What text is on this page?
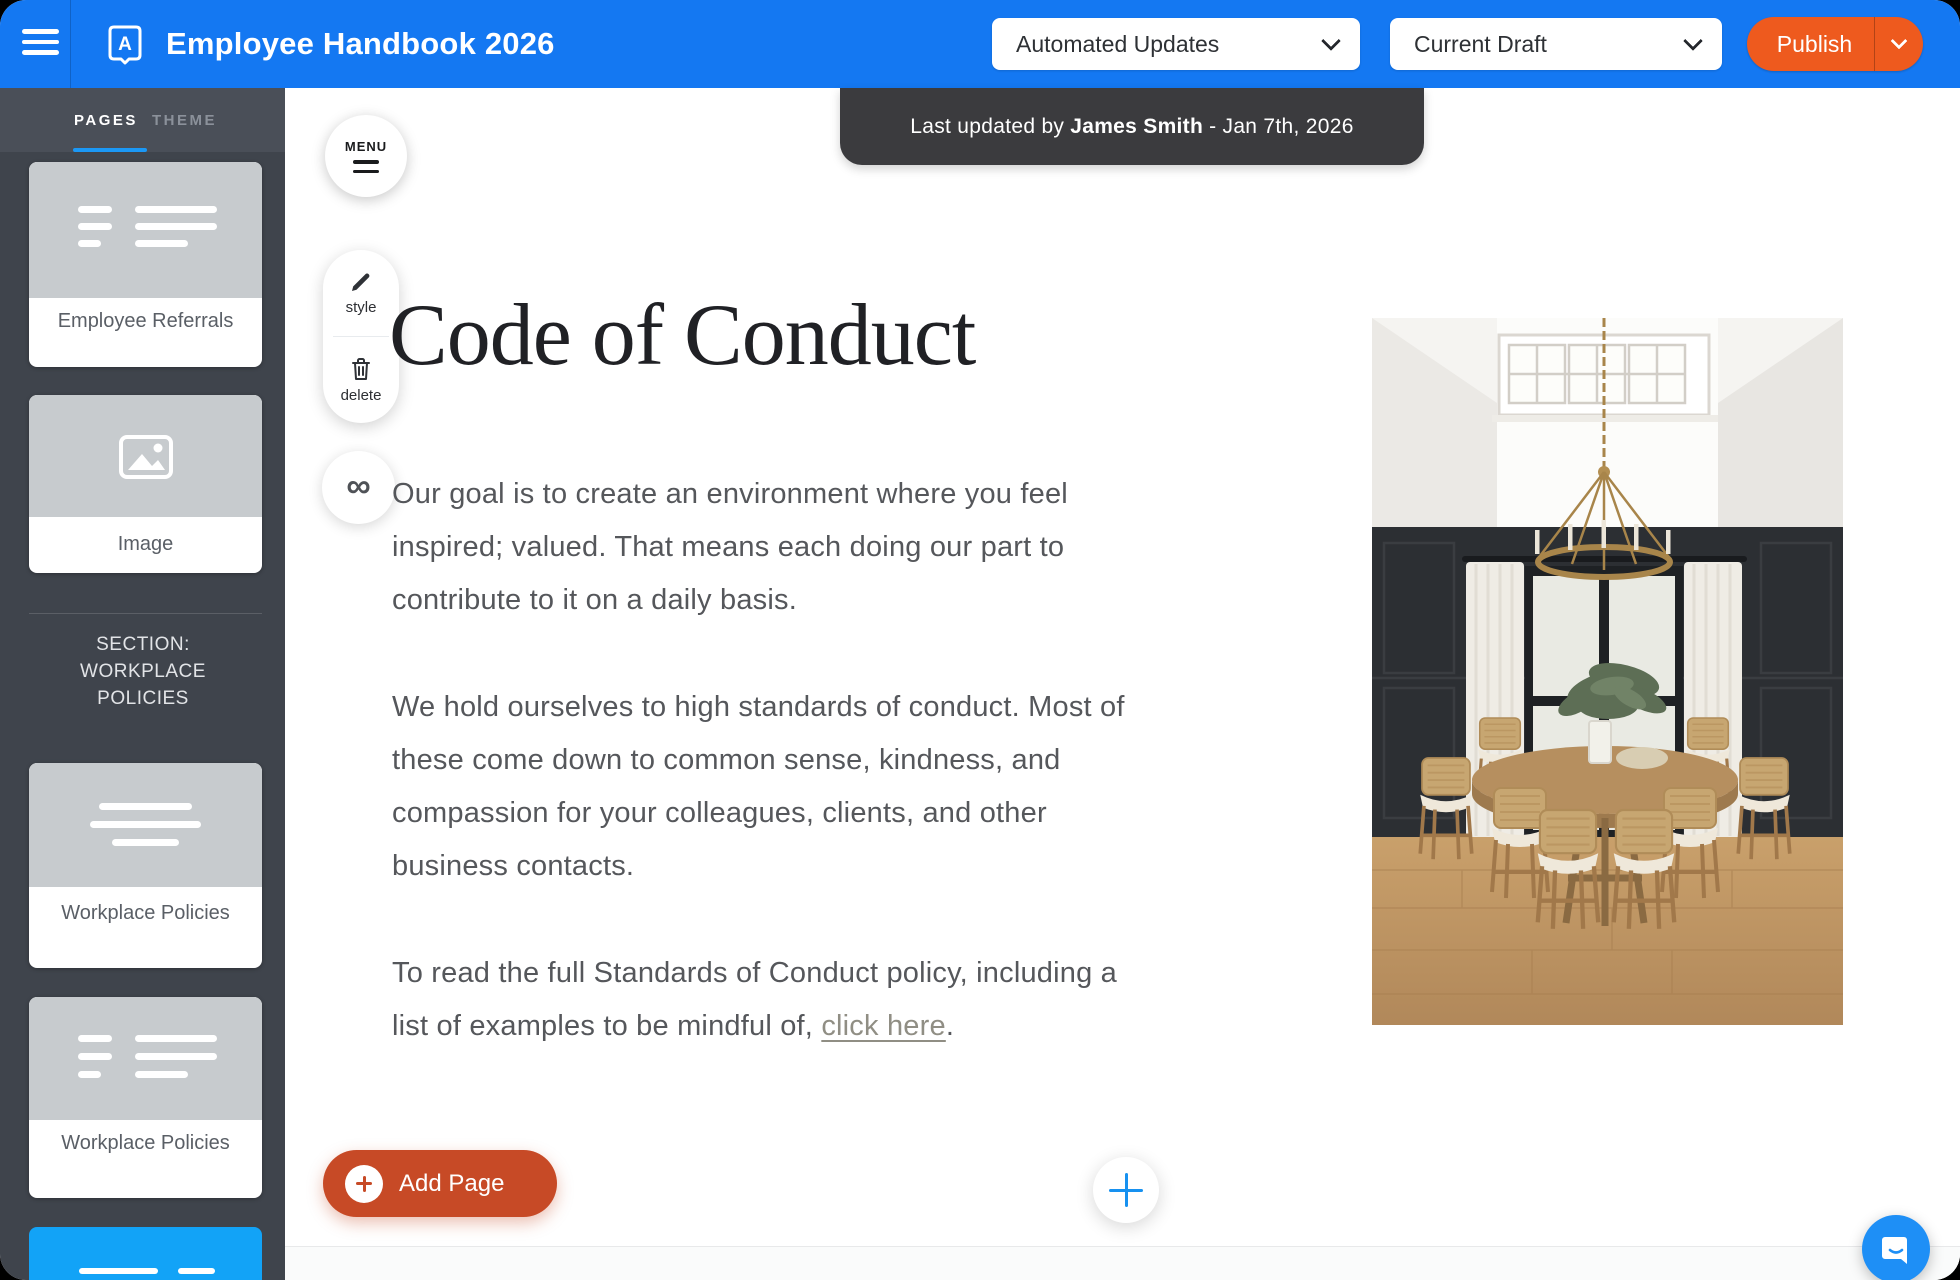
A Employee Handbook 2026	Automated Updates	Current Draft	Publish
PAGES THEME
Employee Referrals
Image
SECTION: WORKPLACE POLICIES
Workplace Policies
Workplace Policies
Last updated by James Smith - Jan 7th, 2026
MENU
style
delete
∞
Code of Conduct
Our goal is to create an environment where you feel
inspired; valued. That means each doing our part to
contribute to it on a daily basis.
We hold ourselves to high standards of conduct. Most of
these come down to common sense, kindness, and
compassion for your colleagues, clients, and other
business contacts.
To read the full Standards of Conduct policy, including a
list of examples to be mindful of, click here.
Add Page
